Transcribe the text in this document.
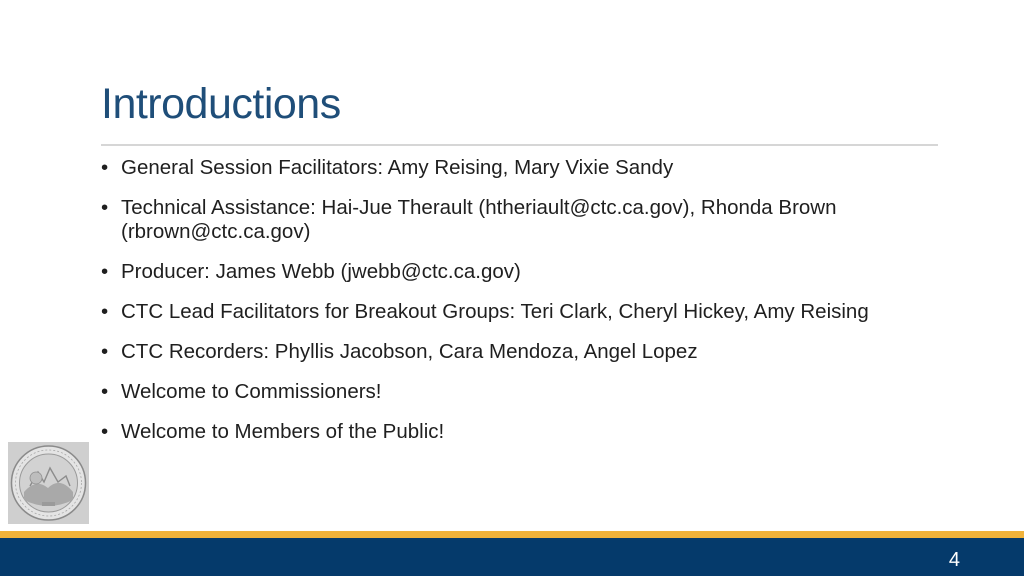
Introductions
• General Session Facilitators: Amy Reising, Mary Vixie Sandy
• Technical Assistance: Hai-Jue Therault (htheriault@ctc.ca.gov), Rhonda Brown (rbrown@ctc.ca.gov)
• Producer: James Webb (jwebb@ctc.ca.gov)
• CTC Lead Facilitators for Breakout Groups: Teri Clark, Cheryl Hickey, Amy Reising
• CTC Recorders: Phyllis Jacobson, Cara Mendoza, Angel Lopez
• Welcome to Commissioners!
• Welcome to Members of the Public!
4
